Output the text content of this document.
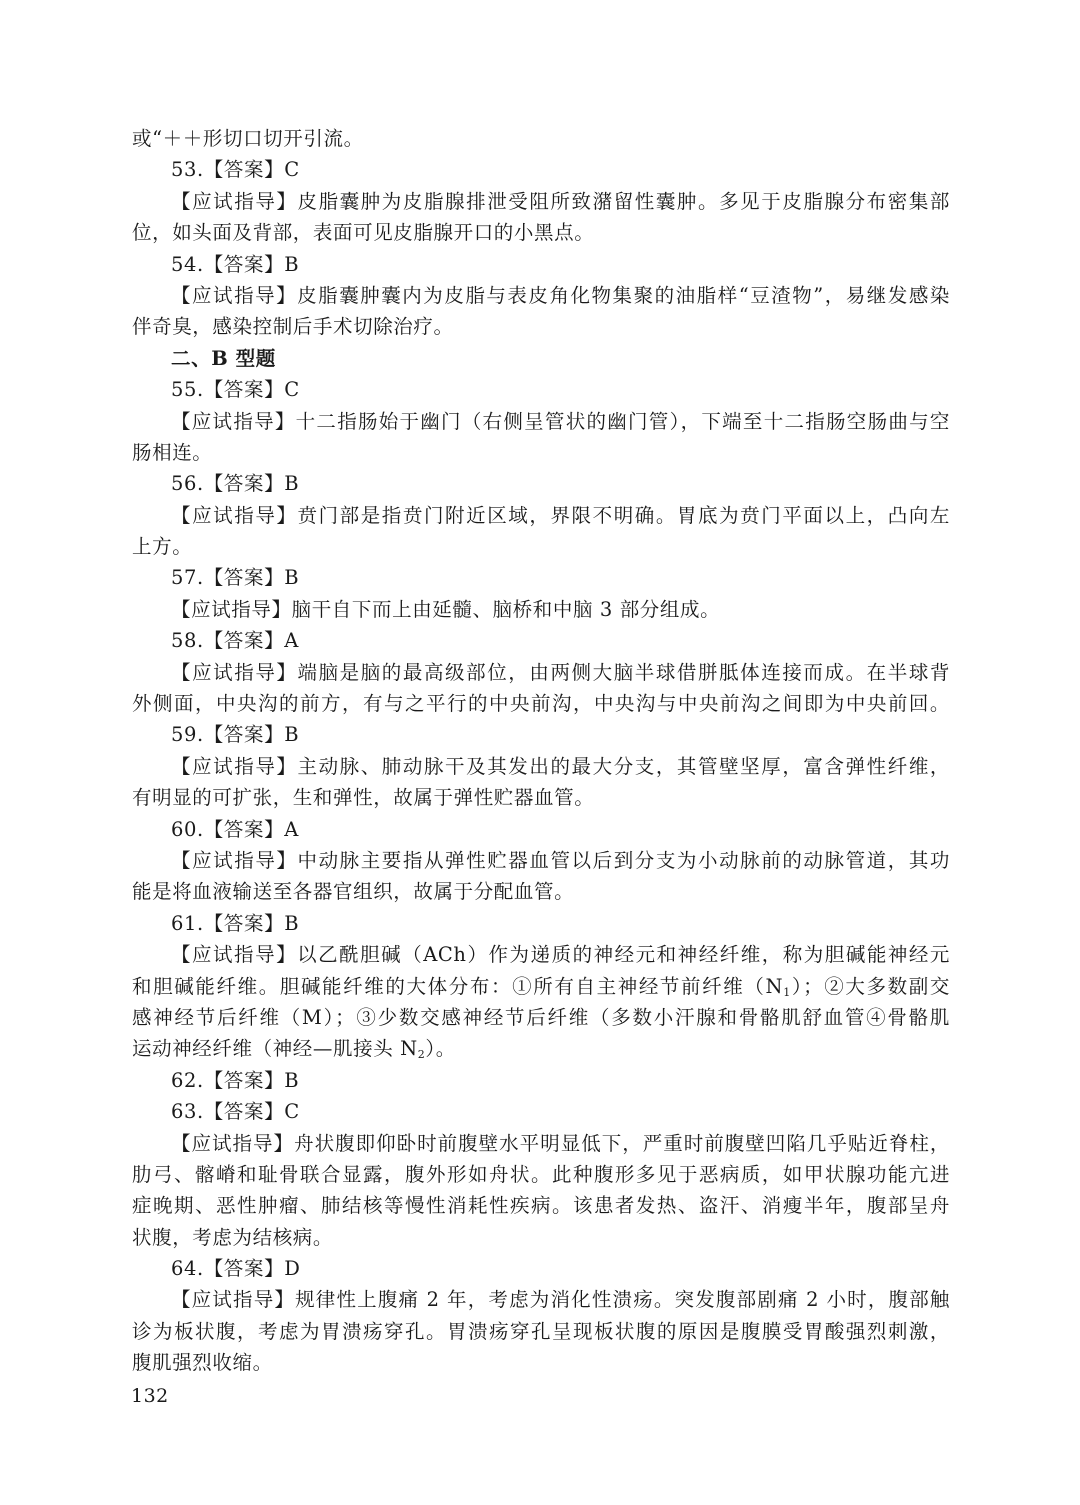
或“＋＋形切口切开引流。
53.【答案】C
【应试指导】皮脂囊肿为皮脂腺排泄受阻所致潴留性囊肿。多见于皮脂腺分布密集部
位，如头面及背部，表面可见皮脂腺开口的小黑点。
54.【答案】B
【应试指导】皮脂囊肿囊内为皮脂与表皮角化物集聚的油脂样“豆渣物”，易继发感染
伴奇臭，感染控制后手术切除治疗。
二、B 型题
55.【答案】C
【应试指导】十二指肠始于幽门（右侧呈管状的幽门管），下端至十二指肠空肠曲与空
肠相连。
56.【答案】B
【应试指导】贲门部是指贲门附近区域，界限不明确。胃底为贲门平面以上，凸向左
上方。
57.【答案】B
【应试指导】脑干自下而上由延髓、脑桥和中脑 3 部分组成。
58.【答案】A
【应试指导】端脑是脑的最高级部位，由两侧大脑半球借胼胝体连接而成。在半球背
外侧面，中央沟的前方，有与之平行的中央前沟，中央沟与中央前沟之间即为中央前回。
59.【答案】B
【应试指导】主动脉、肺动脉干及其发出的最大分支，其管壁坚厚，富含弹性纤维，
有明显的可扩张，生和弹性，故属于弹性贮器血管。
60.【答案】A
【应试指导】中动脉主要指从弹性贮器血管以后到分支为小动脉前的动脉管道，其功
能是将血液输送至各器官组织，故属于分配血管。
61.【答案】B
【应试指导】以乙酰胆碱（ACh）作为递质的神经元和神经纤维，称为胆碱能神经元
和胆碱能纤维。胆碱能纤维的大体分布：①所有自主神经节前纤维$(N_1)$；②大多数副交
感神经节后纤维（M）；③少数交感神经节后纤维（多数小汗腺和骨骼肌舒血管④骨骼肌
运动神经纤维（神经—肌接头 $N_2$）。
62.【答案】B
63.【答案】C
【应试指导】舟状腹即仰卧时前腹壁水平明显低下，严重时前腹壁凹陷几乎贴近脊柱，
肋弓、髂嵴和耻骨联合显露，腹外形如舟状。此种腹形多见于恶病质，如甲状腺功能亢进
症晚期、恶性肿瘤、肺结核等慢性消耗性疾病。该患者发热、盗汗、消瘦半年，腹部呈舟
状腹，考虑为结核病。
64.【答案】D
【应试指导】规律性上腹痛 2 年，考虑为消化性溃疡。突发腹部剧痛 2 小时，腹部触
诊为板状腹，考虑为胃溃疡穿孔。胃溃疡穿孔呈现板状腹的原因是腹膜受胃酸强烈刺激，
腹肌强烈收缩。
132
